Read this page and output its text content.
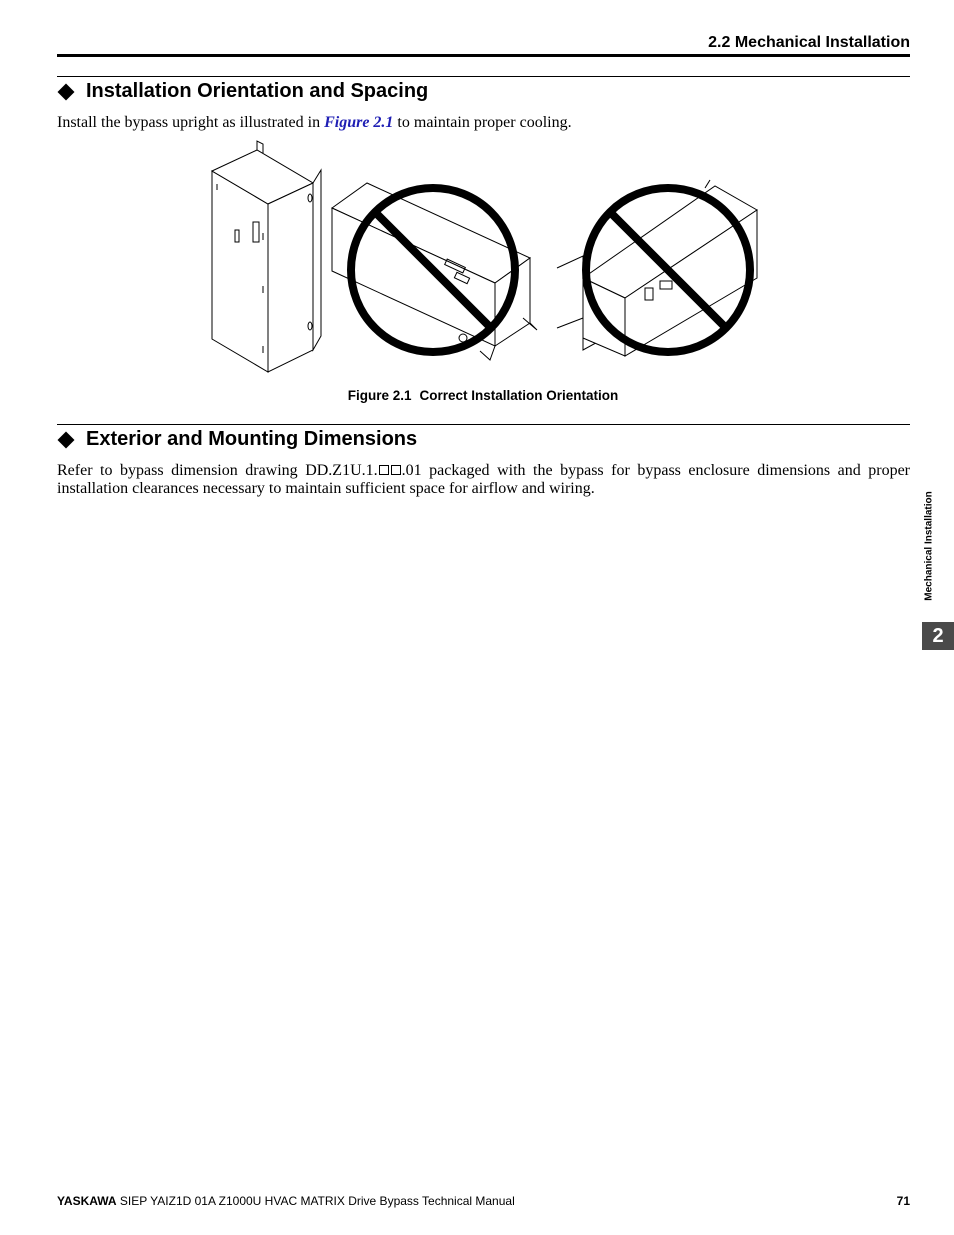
2.2 Mechanical Installation
Installation Orientation and Spacing
Install the bypass upright as illustrated in Figure 2.1 to maintain proper cooling.
Figure 2.1 Correct Installation Orientation
Exterior and Mounting Dimensions
Refer to bypass dimension drawing DD.Z1U.1. .01 packaged with the bypass for bypass enclosure dimensions and proper installation clearances necessary to maintain sufficient space for airflow and wiring.
Mechanical Installation
2
YASKAWA SIEP YAIZ1D 01A Z1000U HVAC MATRIX Drive Bypass Technical Manual	71
